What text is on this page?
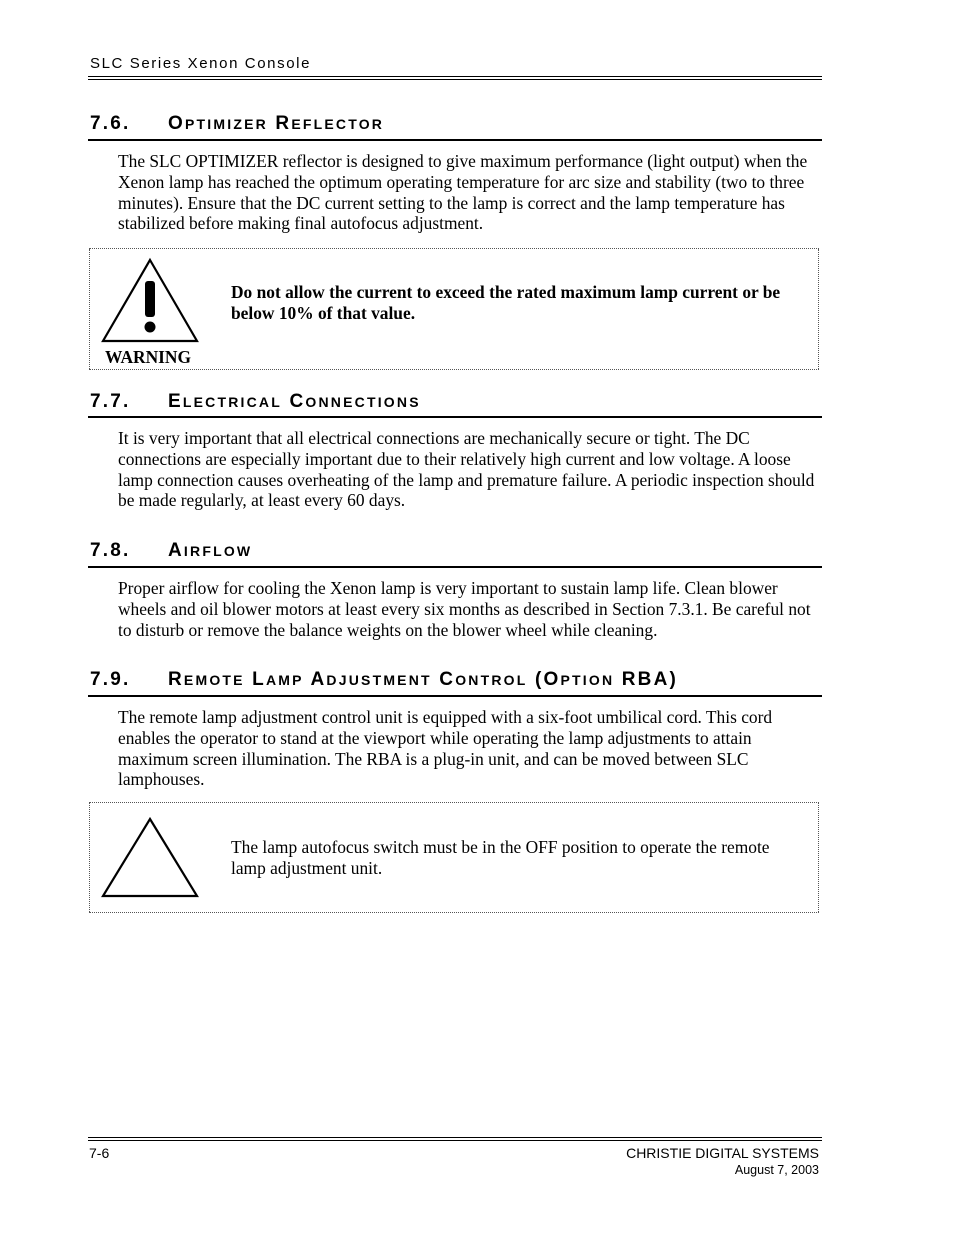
SLC Series Xenon Console
7.6. OPTIMIZER REFLECTOR

The SLC OPTIMIZER reflector is designed to give maximum performance (light output) when the Xenon lamp has reached the optimum operating temperature for arc size and stability (two to three minutes). Ensure that the DC current setting to the lamp is correct and the lamp temperature has stabilized before making final autofocus adjustment.

WARNING

Do not allow the current to exceed the rated maximum lamp current or be below 10% of that value.

7.7. ELECTRICAL CONNECTIONS

It is very important that all electrical connections are mechanically secure or tight. The DC connections are especially important due to their relatively high current and low voltage. A loose lamp connection causes overheating of the lamp and premature failure. A periodic inspection should be made regularly, at least every 60 days.

7.8. AIRFLOW

Proper airflow for cooling the Xenon lamp is very important to sustain lamp life. Clean blower wheels and oil blower motors at least every six months as described in Section 7.3.1. Be careful not to disturb or remove the balance weights on the blower wheel while cleaning.

7.9. REMOTE LAMP ADJUSTMENT CONTROL (OPTION RBA)

The remote lamp adjustment control unit is equipped with a six-foot umbilical cord. This cord enables the operator to stand at the viewport while operating the lamp adjustments to attain maximum screen illumination. The RBA is a plug-in unit, and can be moved between SLC lamphouses.

The lamp autofocus switch must be in the OFF position to operate the remote lamp adjustment unit.

7-6	CHRISTIE DIGITAL SYSTEMS
August 7, 2003
